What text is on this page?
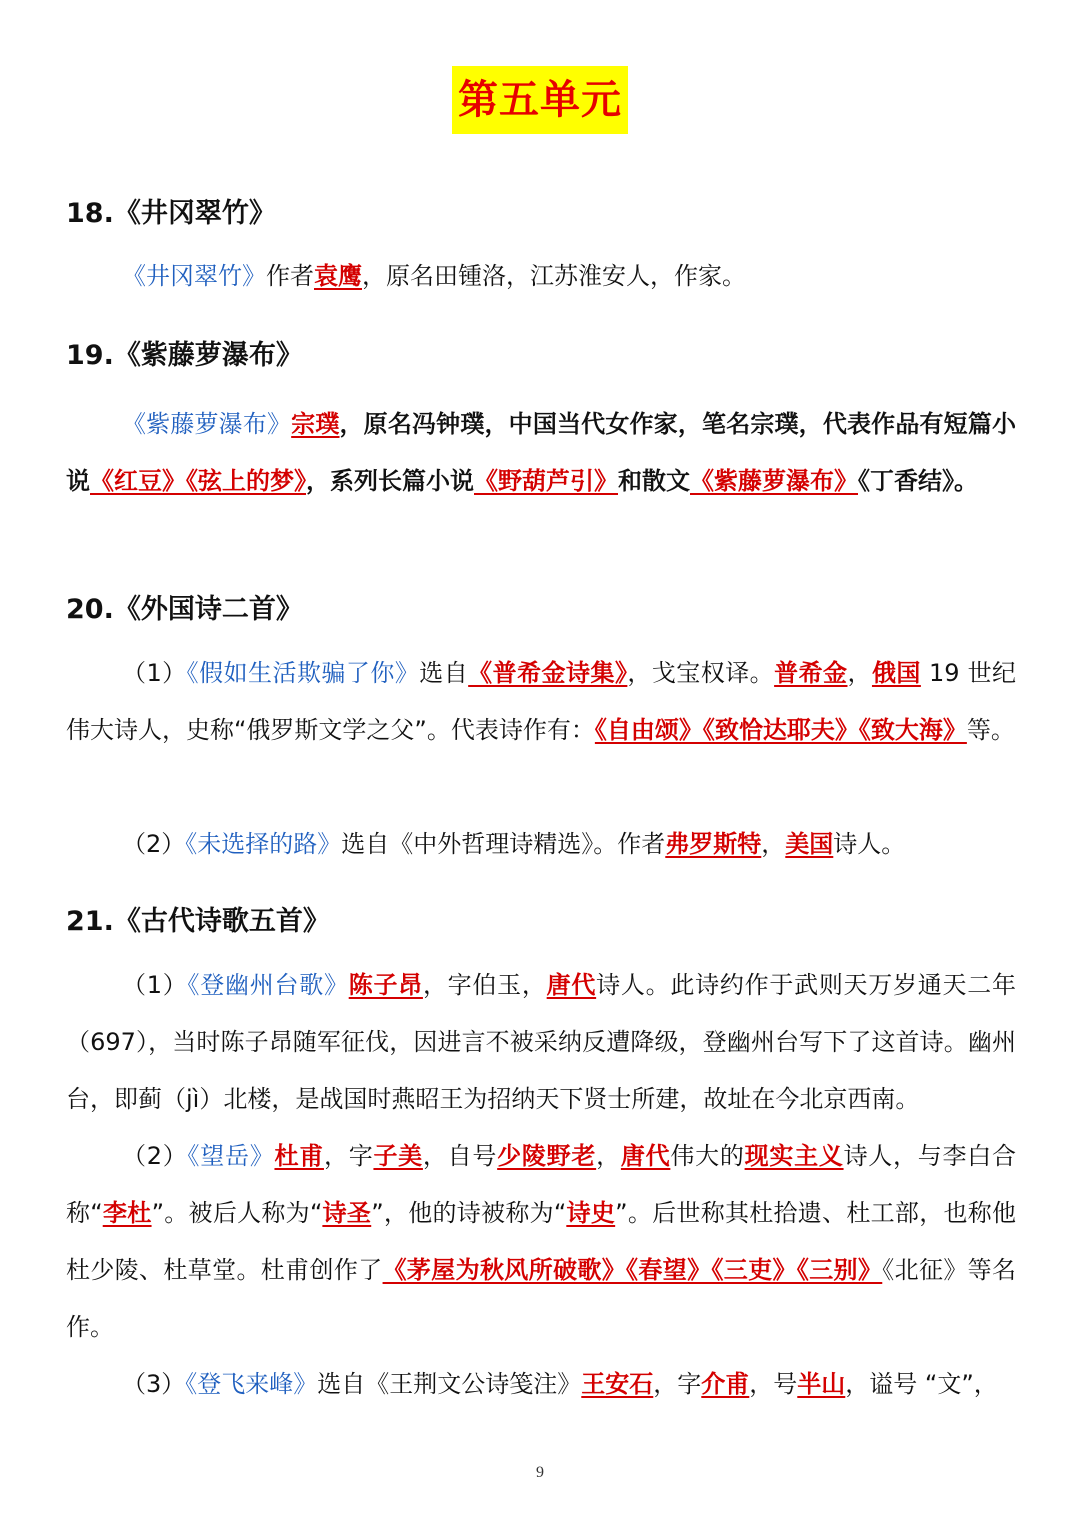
第五单元
18.《井冈翠竹》

《井冈翠竹》作者袁鹰，原名田锺洛，江苏淮安人，作家。

19.《紫藤萝瀑布》

《紫藤萝瀑布》宗璞，原名冯钟璞，中国当代女作家，笔名宗璞，代表作品有短篇小说《红豆》《弦上的梦》，系列长篇小说《野葫芦引》和散文《紫藤萝瀑布》《丁香结》。

20.《外国诗二首》

（1）《假如生活欺骗了你》选自《普希金诗集》，戈宝权译。普希金，俄国 19 世纪伟大诗人，史称“俄罗斯文学之父”。代表诗作有：《自由颂》《致恰达耶夫》《致大海》等。

（2）《未选择的路》选自《中外哲理诗精选》。作者弗罗斯特，美国诗人。

21.《古代诗歌五首》

（1）《登幽州台歌》陈子昂，字伯玉，唐代诗人。此诗约作于武则天万岁通天二年（697），当时陈子昂随军征伐，因进言不被采纳反遭降级，登幽州台写下了这首诗。幽州台，即蓟（jì）北楼，是战国时燕昭王为招纳天下贤士所建，故址在今北京西南。

（2）《望岳》杜甫，字子美，自号少陵野老，唐代伟大的现实主义诗人，与李白合称“李杜”。被后人称为“诗圣”，他的诗被称为“诗史”。后世称其杜拾遗、杜工部，也称他杜少陵、杜草堂。杜甫创作了《茅屋为秋风所破歌》《春望》《三吏》《三别》《北征》等名作。

（3）《登飞来峰》选自《王荆文公诗笺注》王安石，字介甫，号半山，谥号 “文”，

9
